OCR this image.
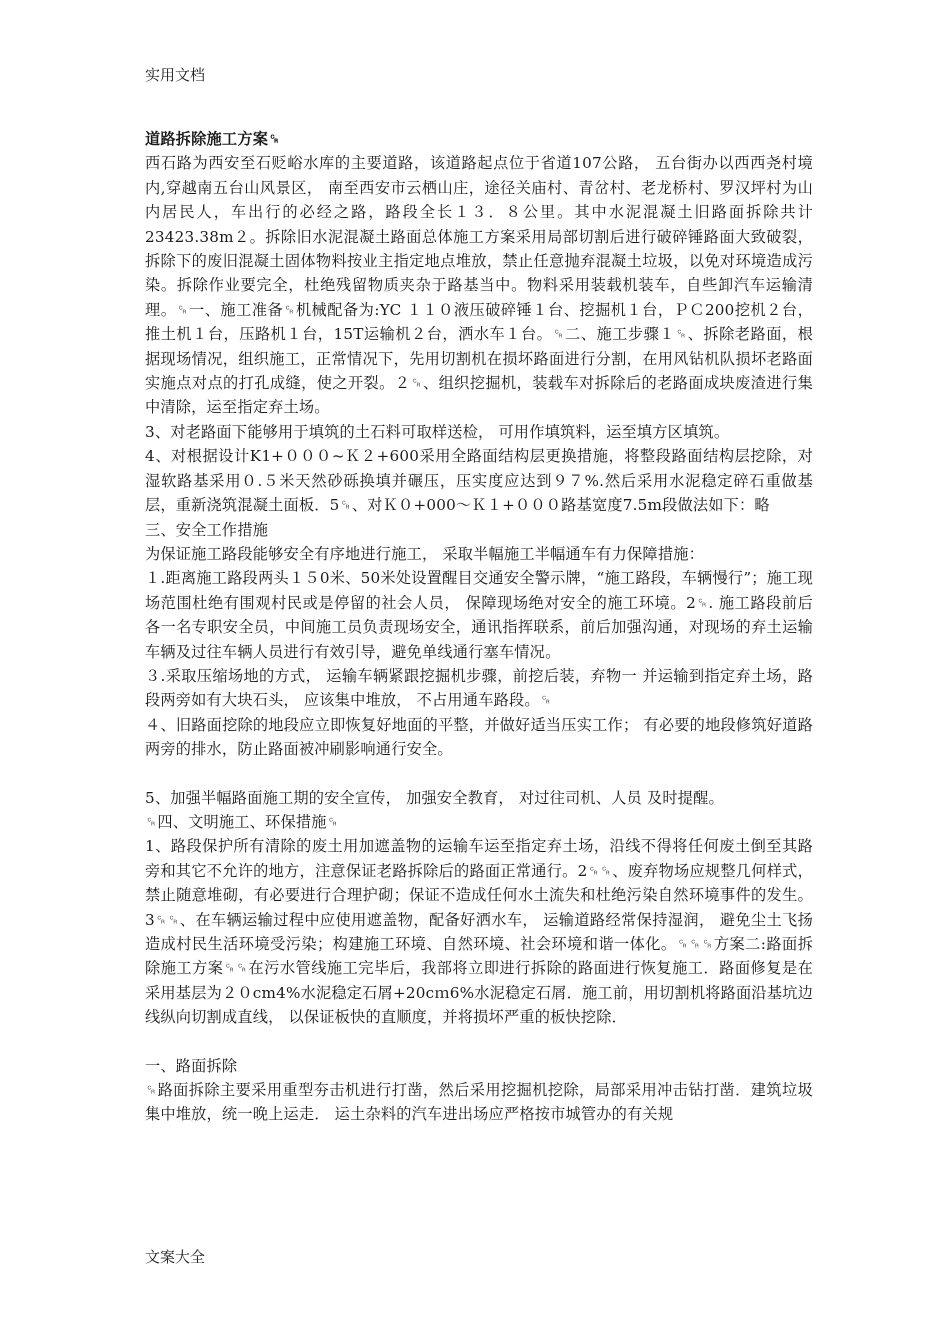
实用文档

道路拆除施工方案␍

西石路为西安至石贬峪水库的主要道路，该道路起点位于省道107公路， 五台街办以西西尧村境内,穿越南五台山风景区， 南至西安市云栖山庄，途径关庙村、青岔村、老龙桥村、罗汉坪村为山内居民人，车出行的必经之路，路段全长１３．８公里。其中水泥混凝土旧路面拆除共计23423.38m２。拆除旧水泥混凝土路面总体施工方案采用局部切割后进行破碎锤路面大致破裂，拆除下的废旧混凝土固体物料按业主指定地点堆放，禁止任意抛弃混凝土垃圾，以免对环境造成污染。拆除作业要完全，杜绝残留物质夹杂于路基当中。物料采用装载机装车，自些卸汽车运输清理。␍一、施工准备␍机械配备为:YC １１０液压破碎锤１台、挖掘机１台，ＰＣ200挖机２台，推土机１台，压路机１台，15T运输机２台，洒水车１台。␍二、施工步骤１␍、拆除老路面，根据现场情况，组织施工，正常情况下，先用切割机在损坏路面进行分割，在用风钻机队损坏老路面实施点对点的打孔成缝，使之开裂。２␍、组织挖掘机，装载车对拆除后的老路面成块废渣进行集中清除，运至指定弃土场。

3、对老路面下能够用于填筑的土石料可取样送检， 可用作填筑料，运至填方区填筑。

4、对根据设计K1+０００~Ｋ２+600采用全路面结构层更换措施，将整段路面结构层挖除，对湿软路基采用０.５米天然砂砾换填并碾压，压实度应达到９７%.然后采用水泥稳定碎石重做基层，重新浇筑混凝土面板．5␍、对Ｋ０+000～Ｋ１+０００路基宽度7.5m段做法如下：略

三、安全工作措施

为保证施工路段能够安全有序地进行施工， 采取半幅施工半幅通车有力保障措施：

１.距离施工路段两头１５0米、50米处设置醒目交通安全警示牌，“施工路段，车辆慢行”；施工现场范围杜绝有围观村民或是停留的社会人员， 保障现场绝对安全的施工环境。2␍. 施工路段前后各一名专职安全员，中间施工员负责现场安全，通讯指挥联系，前后加强沟通，对现场的弃土运输车辆及过往车辆人员进行有效引导，避免单线通行塞车情况。

３.采取压缩场地的方式， 运输车辆紧跟挖掘机步骤，前挖后装，弃物一 并运输到指定弃土场，路段两旁如有大块石头， 应该集中堆放， 不占用通车路段。␍

４、旧路面挖除的地段应立即恢复好地面的平整，并做好适当压实工作； 有必要的地段修筑好道路两旁的排水，防止路面被冲刷影响通行安全。

5、加强半幅路面施工期的安全宣传， 加强安全教育， 对过往司机、人员 及时提醒。

␍四、文明施工、环保措施␍

1、路段保护所有清除的废土用加遮盖物的运输车运至指定弃土场，沿线不得将任何废土倒至其路旁和其它不允许的地方，注意保证老路拆除后的路面正常通行。2␍␍、废弃物场应规整几何样式，禁止随意堆砌，有必要进行合理护砌；保证不造成任何水土流失和杜绝污染自然环境事件的发生。3␍␍、在车辆运输过程中应使用遮盖物，配备好洒水车， 运输道路经常保持湿润， 避免尘土飞扬造成村民生活环境受污染；构建施工环境、自然环境、社会环境和谐一体化。␍␍␍方案二:路面拆除施工方案␍␍在污水管线施工完毕后，我部将立即进行拆除的路面进行恢复施工．路面修复是在采用基层为２０cm4%水泥稳定石屑+20cｍ6%水泥稳定石屑．施工前，用切割机将路面沿基坑边线纵向切割成直线， 以保证板快的直顺度，并将损坏严重的板快挖除．

一、路面拆除

␍路面拆除主要采用重型夯击机进行打凿，然后采用挖掘机挖除，局部采用冲击钻打凿．建筑垃圾集中堆放，统一晚上运走． 运土杂料的汽车进出场应严格按市城管办的有关规

文案大全
